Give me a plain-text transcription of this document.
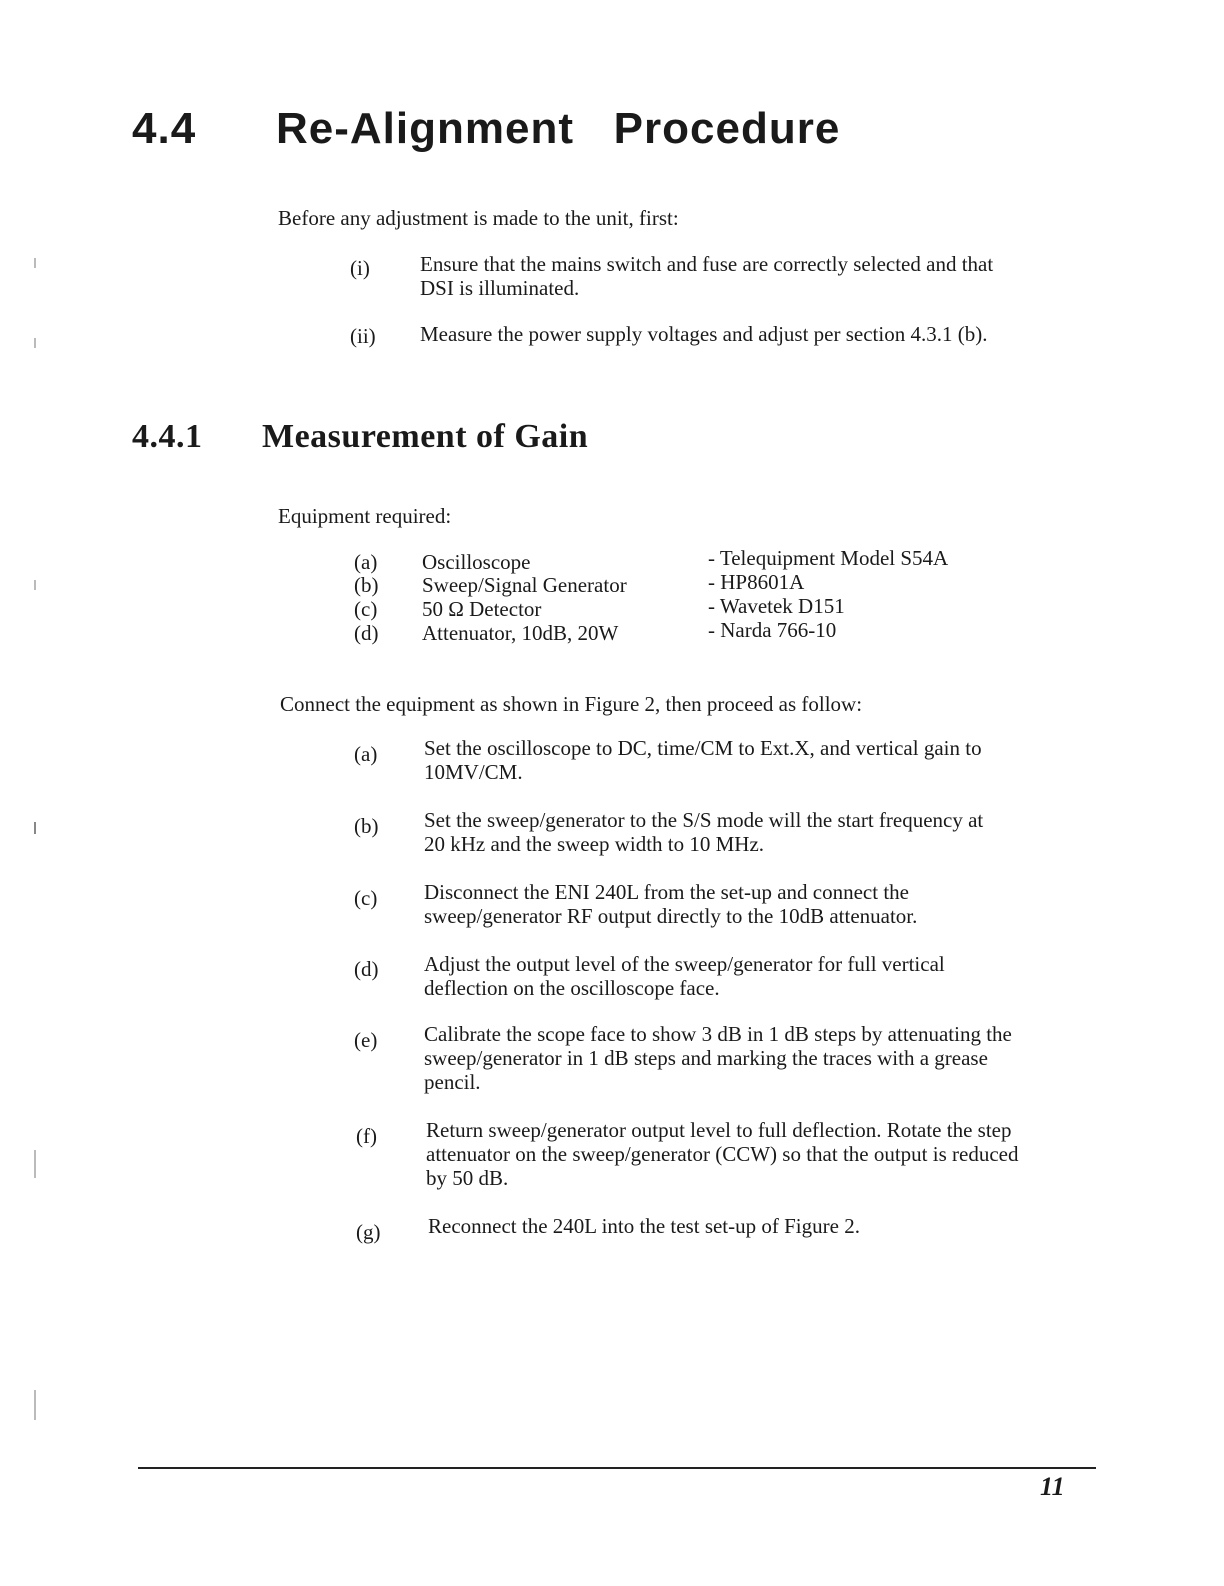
4.4 Re-Alignment   Procedure
Before any adjustment is made to the unit, first:
(i) Ensure that the mains switch and fuse are correctly selected and that
DSI is illuminated.
(ii) Measure the power supply voltages and adjust per section 4.3.1 (b).
4.4.1 Measurement of Gain
Equipment required:
(a) Oscilloscope	- Telequipment Model S54A
(b) Sweep/Signal Generator	- HP8601A
(c) 50 Ω Detector	- Wavetek D151
(d) Attenuator, 10dB, 20W	- Narda 766-10
Connect the equipment as shown in Figure 2, then proceed as follow:
(a) Set the oscilloscope to DC, time/CM to Ext.X, and vertical gain to
10MV/CM.
(b) Set the sweep/generator to the S/S mode will the start frequency at
20 kHz and the sweep width to 10 MHz.
(c) Disconnect the ENI 240L from the set-up and connect the
sweep/generator RF output directly to the 10dB attenuator.
(d) Adjust the output level of the sweep/generator for full vertical
deflection on the oscilloscope face.
(e) Calibrate the scope face to show 3 dB in 1 dB steps by attenuating the
sweep/generator in 1 dB steps and marking the traces with a grease
pencil.
(f) Return sweep/generator output level to full deflection. Rotate the step
attenuator on the sweep/generator (CCW) so that the output is reduced
by 50 dB.
(g) Reconnect the 240L into the test set-up of Figure 2.
11
